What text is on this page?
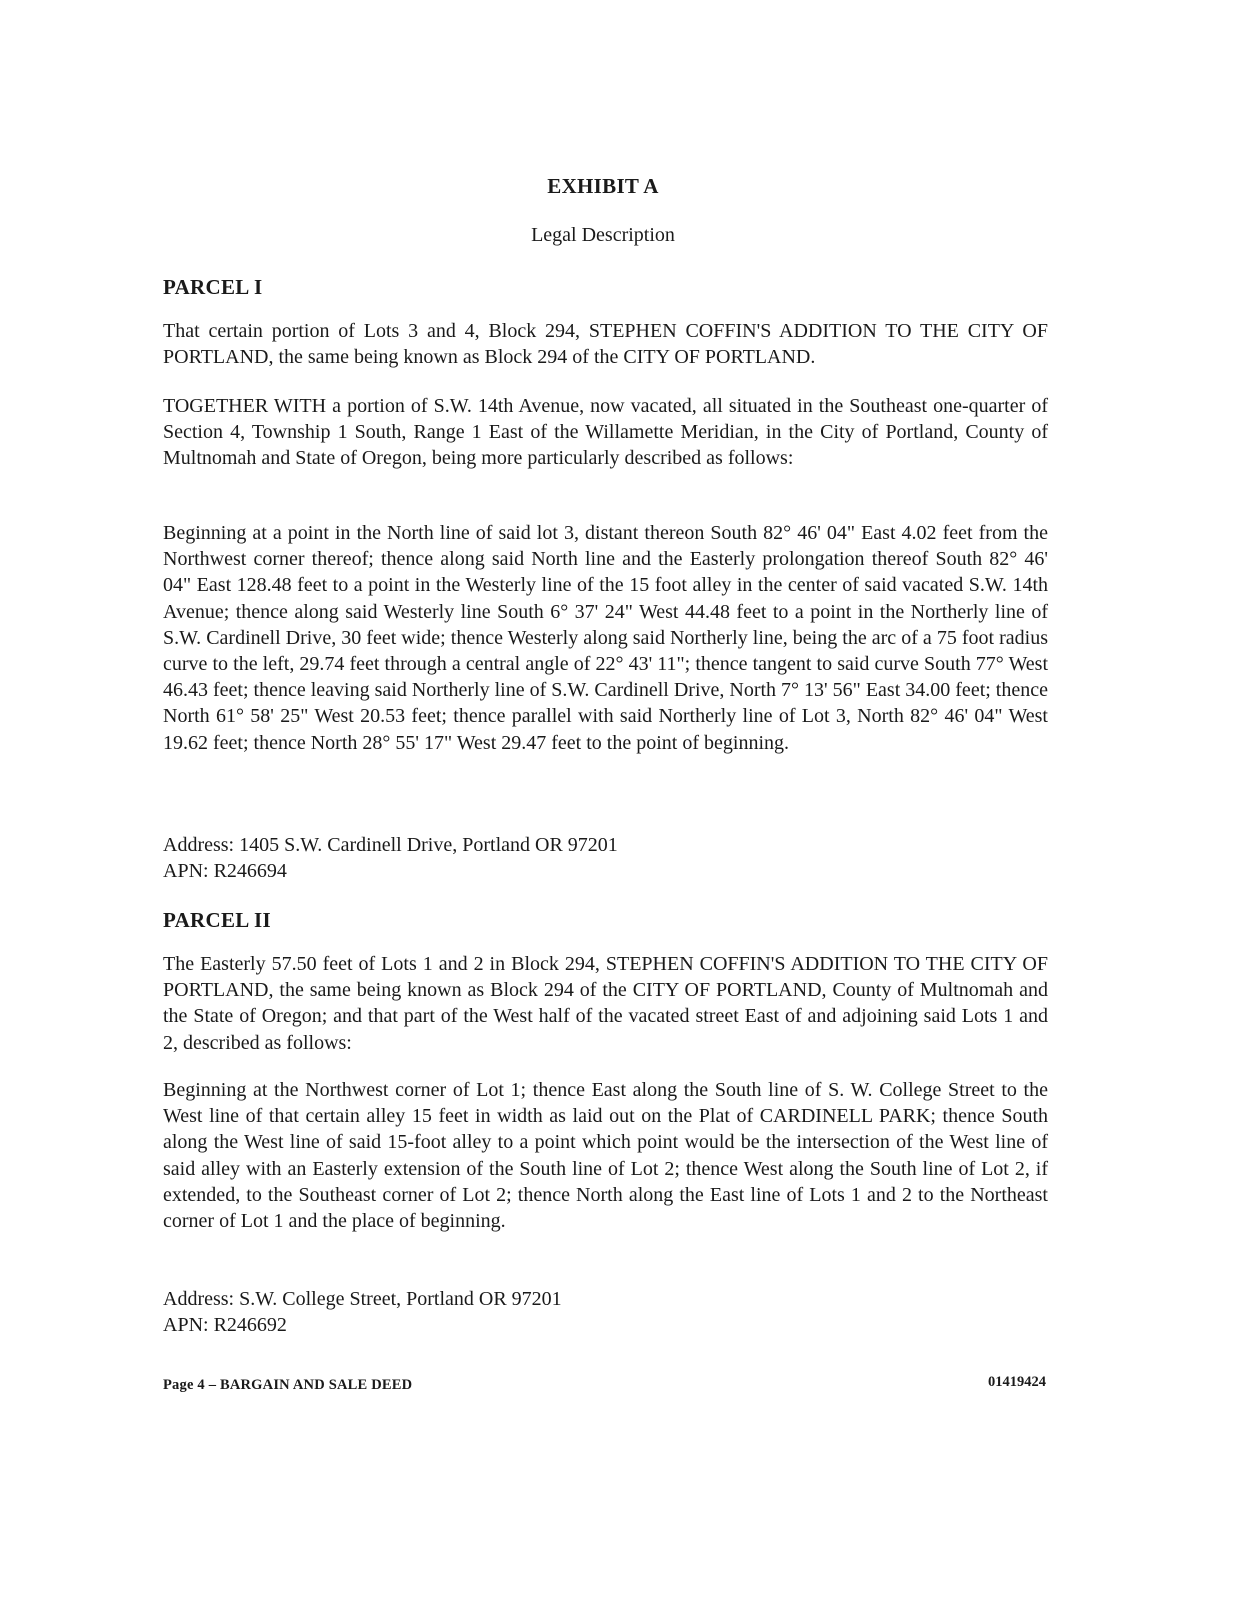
EXHIBIT A
Legal Description
PARCEL I

That certain portion of Lots 3 and 4, Block 294, STEPHEN COFFIN'S ADDITION TO THE CITY OF PORTLAND, the same being known as Block 294 of the CITY OF PORTLAND.

TOGETHER WITH a portion of S.W. 14th Avenue, now vacated, all situated in the Southeast one-quarter of Section 4, Township 1 South, Range 1 East of the Willamette Meridian, in the City of Portland, County of Multnomah and State of Oregon, being more particularly described as follows:

Beginning at a point in the North line of said lot 3, distant thereon South 82° 46' 04" East 4.02 feet from the Northwest corner thereof; thence along said North line and the Easterly prolongation thereof South 82° 46' 04" East 128.48 feet to a point in the Westerly line of the 15 foot alley in the center of said vacated S.W. 14th Avenue; thence along said Westerly line South 6° 37' 24" West 44.48 feet to a point in the Northerly line of S.W. Cardinell Drive, 30 feet wide; thence Westerly along said Northerly line, being the arc of a 75 foot radius curve to the left, 29.74 feet through a central angle of 22° 43' 11"; thence tangent to said curve South 77° West 46.43 feet; thence leaving said Northerly line of S.W. Cardinell Drive, North 7° 13' 56" East 34.00 feet; thence North 61° 58' 25" West 20.53 feet; thence parallel with said Northerly line of Lot 3, North 82° 46' 04" West 19.62 feet; thence North 28° 55' 17" West 29.47 feet to the point of beginning.

Address: 1405 S.W. Cardinell Drive, Portland OR 97201
APN: R246694
PARCEL II

The Easterly 57.50 feet of Lots 1 and 2 in Block 294, STEPHEN COFFIN'S ADDITION TO THE CITY OF PORTLAND, the same being known as Block 294 of the CITY OF PORTLAND, County of Multnomah and the State of Oregon; and that part of the West half of the vacated street East of and adjoining said Lots 1 and 2, described as follows:

Beginning at the Northwest corner of Lot 1; thence East along the South line of S. W. College Street to the West line of that certain alley 15 feet in width as laid out on the Plat of CARDINELL PARK; thence South along the West line of said 15-foot alley to a point which point would be the intersection of the West line of said alley with an Easterly extension of the South line of Lot 2; thence West along the South line of Lot 2, if extended, to the Southeast corner of Lot 2; thence North along the East line of Lots 1 and 2 to the Northeast corner of Lot 1 and the place of beginning.

Address: S.W. College Street, Portland OR 97201
APN: R246692
Page 4 – BARGAIN AND SALE DEED	01419424
